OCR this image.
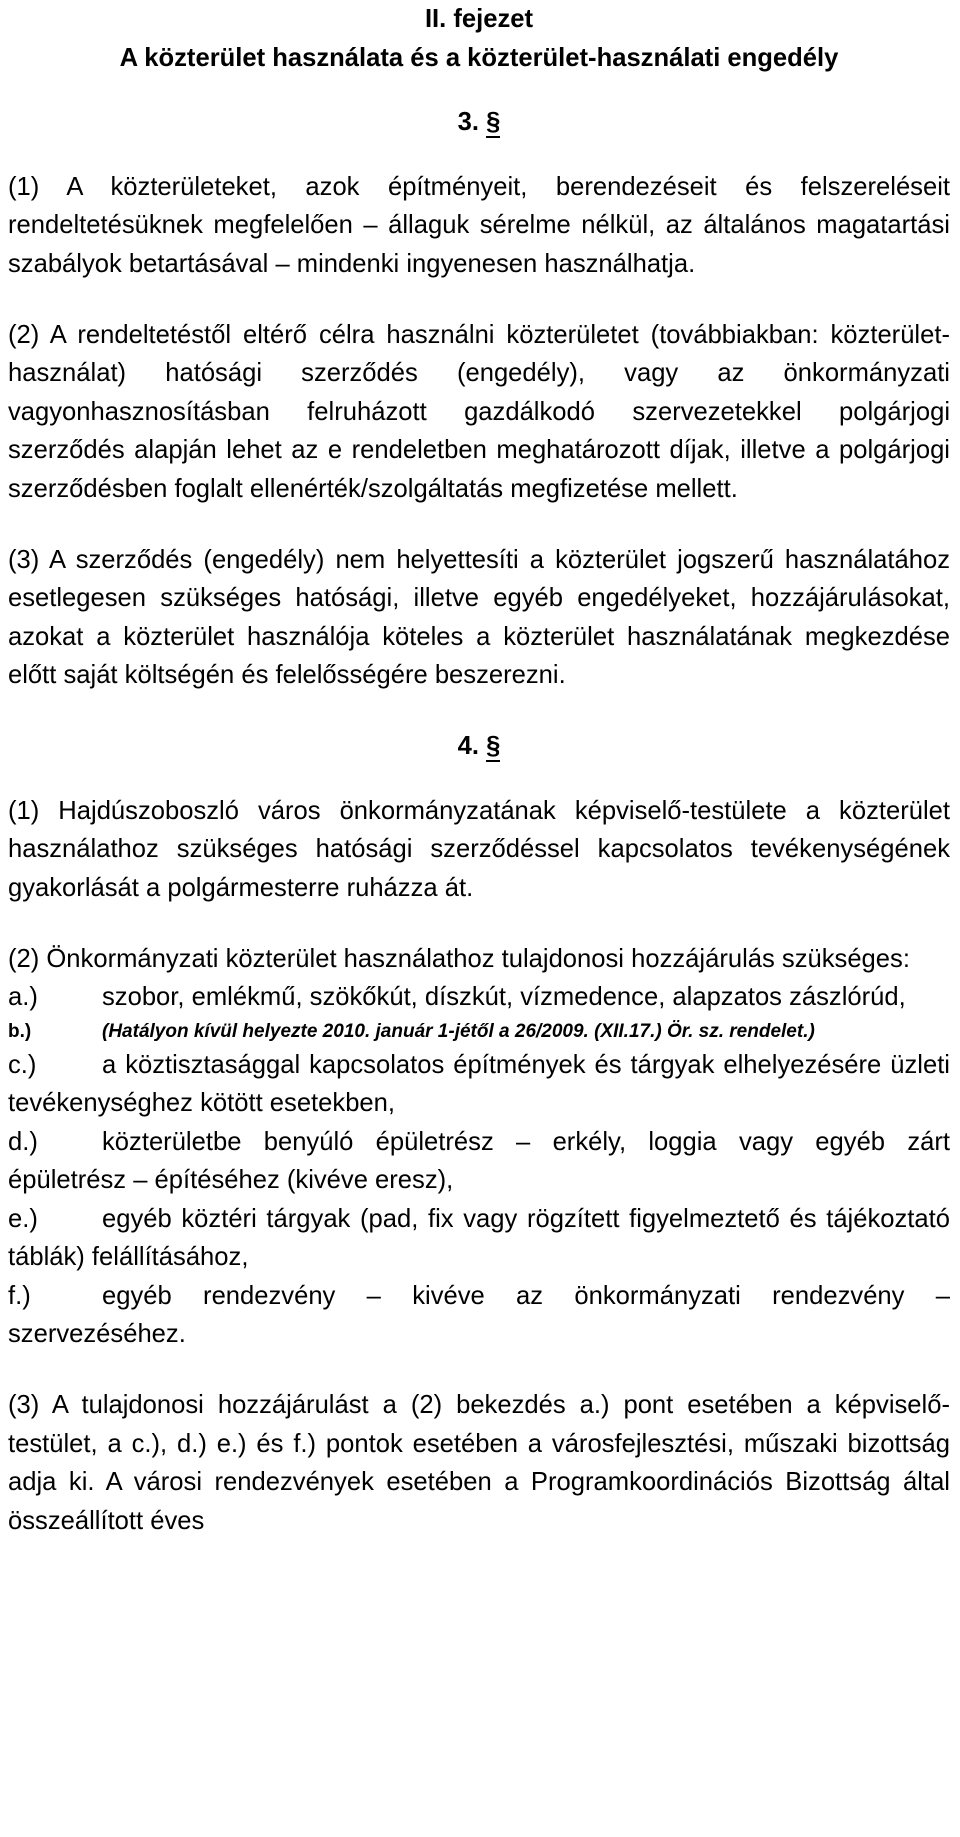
II. fejezet
A közterület használata és a közterület-használati engedély
3. §

(1) A közterületeket, azok építményeit, berendezéseit és felszereléseit rendeltetésüknek megfelelően – állaguk sérelme nélkül, az általános magatartási szabályok betartásával – mindenki ingyenesen használhatja.

(2) A rendeltetéstől eltérő célra használni közterületet (továbbiakban: közterület-használat) hatósági szerződés (engedély), vagy az önkormányzati vagyonhasznosításban felruházott gazdálkodó szervezetekkel polgárjogi szerződés alapján lehet az e rendeletben meghatározott díjak, illetve a polgárjogi szerződésben foglalt ellenérték/szolgáltatás megfizetése mellett.

(3) A szerződés (engedély) nem helyettesíti a közterület jogszerű használatához esetlegesen szükséges hatósági, illetve egyéb engedélyeket, hozzájárulásokat, azokat a közterület használója köteles a közterület használatának megkezdése előtt saját költségén és felelősségére beszerezni.

4. §

(1) Hajdúszoboszló város önkormányzatának képviselő-testülete a közterület használathoz szükséges hatósági szerződéssel kapcsolatos tevékenységének gyakorlását a polgármesterre ruházza át.

(2) Önkormányzati közterület használathoz tulajdonosi hozzájárulás szükséges:

a.)	szobor, emlékmű, szökőkút, díszkút, vízmedence, alapzatos zászlórúd,

b.)	(Hatályon kívül helyezte 2010. január 1-jétől a 26/2009. (XII.17.) Ör. sz. rendelet.)

c.)	a köztisztasággal kapcsolatos építmények és tárgyak elhelyezésére üzleti tevékenységhez kötött esetekben,

d.)	közterületbe benyúló épületrész – erkély, loggia vagy egyéb zárt épületrész – építéséhez (kivéve eresz),

e.)	egyéb köztéri tárgyak (pad, fix vagy rögzített figyelmeztető és tájékoztató táblák) felállításához,

f.)	egyéb rendezvény – kivéve az önkormányzati rendezvény – szervezéséhez.

(3) A tulajdonosi hozzájárulást a (2) bekezdés a.) pont esetében a képviselő-testület, a c.), d.) e.) és f.) pontok esetében a városfejlesztési, műszaki bizottság adja ki. A városi rendezvények esetében a Programkoordinációs Bizottság által összeállított éves
